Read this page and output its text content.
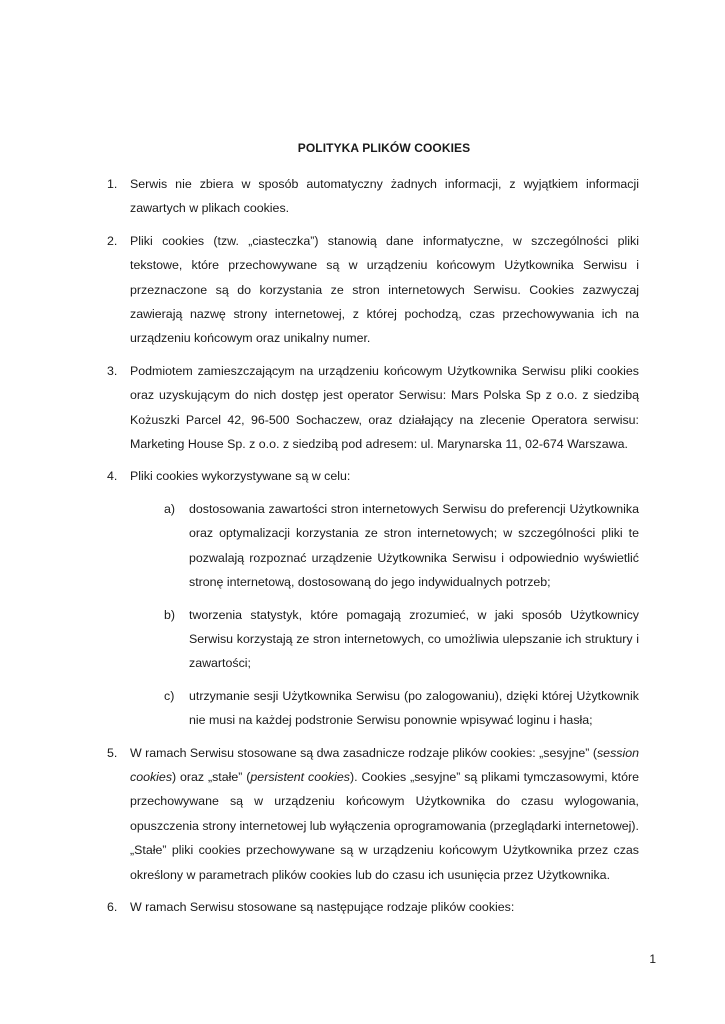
POLITYKA PLIKÓW COOKIES
1. Serwis nie zbiera w sposób automatyczny żadnych informacji, z wyjątkiem informacji zawartych w plikach cookies.
2. Pliki cookies (tzw. „ciasteczka”) stanowią dane informatyczne, w szczególności pliki tekstowe, które przechowywane są w urządzeniu końcowym Użytkownika Serwisu i przeznaczone są do korzystania ze stron internetowych Serwisu. Cookies zazwyczaj zawierają nazwę strony internetowej, z której pochodzą, czas przechowywania ich na urządzeniu końcowym oraz unikalny numer.
3. Podmiotem zamieszczającym na urządzeniu końcowym Użytkownika Serwisu pliki cookies oraz uzyskującym do nich dostęp jest operator Serwisu: Mars Polska Sp z o.o. z siedzibą Kożuszki Parcel 42, 96-500 Sochaczew, oraz działający na zlecenie Operatora serwisu: Marketing House Sp. z o.o. z siedzibą pod adresem: ul. Marynarska 11, 02-674 Warszawa.
4. Pliki cookies wykorzystywane są w celu:
a) dostosowania zawartości stron internetowych Serwisu do preferencji Użytkownika oraz optymalizacji korzystania ze stron internetowych; w szczególności pliki te pozwalają rozpoznać urządzenie Użytkownika Serwisu i odpowiednio wyświetlić stronę internetową, dostosowaną do jego indywidualnych potrzeb;
b) tworzenia statystyk, które pomagają zrozumieć, w jaki sposób Użytkownicy Serwisu korzystają ze stron internetowych, co umożliwia ulepszanie ich struktury i zawartości;
c) utrzymanie sesji Użytkownika Serwisu (po zalogowaniu), dzięki której Użytkownik nie musi na każdej podstronie Serwisu ponownie wpisywać loginu i hasła;
5. W ramach Serwisu stosowane są dwa zasadnicze rodzaje plików cookies: „sesyjne” (session cookies) oraz „stałe” (persistent cookies). Cookies „sesyjne” są plikami tymczasowymi, które przechowywane są w urządzeniu końcowym Użytkownika do czasu wylogowania, opuszczenia strony internetowej lub wyłączenia oprogramowania (przeglądarki internetowej). „Stałe” pliki cookies przechowywane są w urządzeniu końcowym Użytkownika przez czas określony w parametrach plików cookies lub do czasu ich usunięcia przez Użytkownika.
6. W ramach Serwisu stosowane są następujące rodzaje plików cookies:
1
